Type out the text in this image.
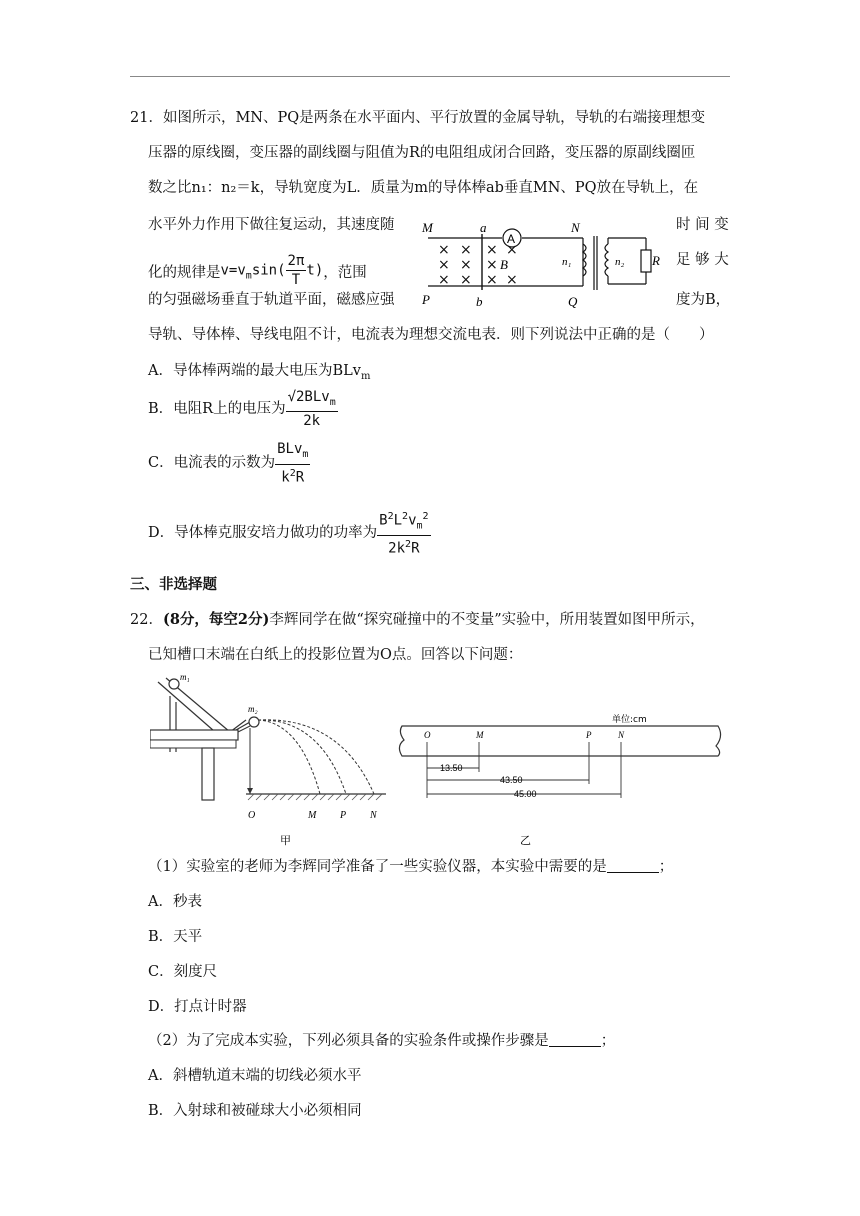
21．如图所示，MN、PQ是两条在水平面内、平行放置的金属导轨，导轨的右端接理想变
压器的原线圈，变压器的副线圈与阻值为R的电阻组成闭合回路，变压器的原副线圈匝
数之比n₁：n₂＝k，导轨宽度为L．质量为m的导体棒ab垂直MN、PQ放在导轨上，在
水平外力作用下做往复运动，其速度随	时 间 变
化的规律是 $v=v_m\sin( \frac{2\pi}{T} t)$ ，范围
足 够 大
的匀强磁场垂直于轨道平面，磁感应强	度为B，
导轨、导体棒、导线电阻不计，电流表为理想交流电表．则下列说法中正确的是（　　）
M	a	N
P	b	Q
A
× × × ×
× × ×
× × × ×
B	n₁	n₂ R
A．导体棒两端的最大电压为BLv$_m$
B．电阻R上的电压为 $\frac{√2BLv_m}{2k}$
C．电流表的示数为 $\frac{BLv_m}{k^2R}$
D．导体棒克服安培力做功的功率为 $\frac{B^2L^2v_m^2}{2k^2R}$
三、非选择题
22．(8分，每空2分)李辉同学在做“探究碰撞中的不变量”实验中，所用装置如图甲所示，
已知槽口末端在白纸上的投影位置为O点。回答以下问题：
m₁
m₂
O	M P N
甲
单位:cm
O	M	P	N
13.50
43.50
45.00
乙
（1）实验室的老师为李辉同学准备了一些实验仪器，本实验中需要的是	；
A．秒表
B．天平
C．刻度尺
D．打点计时器
（2）为了完成本实验，下列必须具备的实验条件或操作步骤是	；
A．斜槽轨道末端的切线必须水平
B．入射球和被碰球大小必须相同
